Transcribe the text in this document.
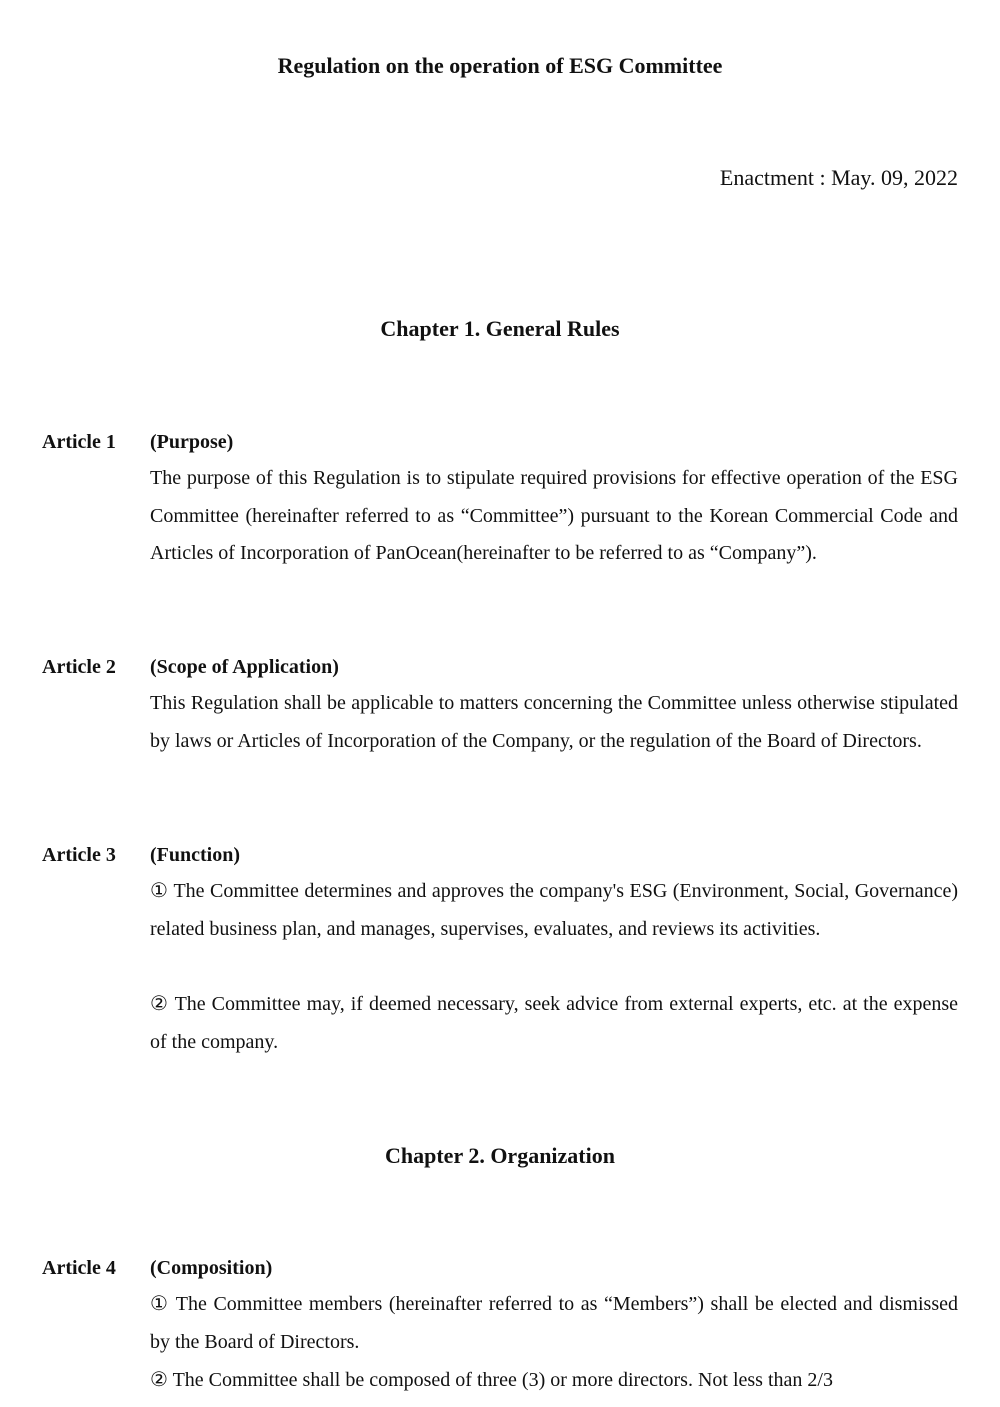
Regulation on the operation of ESG Committee
Enactment : May. 09, 2022
Chapter 1. General Rules
Article 1 (Purpose)

The purpose of this Regulation is to stipulate required provisions for effective operation of the ESG Committee (hereinafter referred to as “Committee”) pursuant to the Korean Commercial Code and Articles of Incorporation of PanOcean(hereinafter to be referred to as “Company”).

Article 2 (Scope of Application)

This Regulation shall be applicable to matters concerning the Committee unless otherwise stipulated by laws or Articles of Incorporation of the Company, or the regulation of the Board of Directors.

Article 3 (Function)

① The Committee determines and approves the company's ESG (Environment, Social, Governance) related business plan, and manages, supervises, evaluates, and reviews its activities.

② The Committee may, if deemed necessary, seek advice from external experts, etc. at the expense of the company.

Chapter 2. Organization
Article 4 (Composition)

① The Committee members (hereinafter referred to as “Members”) shall be elected and dismissed by the Board of Directors.

② The Committee shall be composed of three (3) or more directors. Not less than 2/3
